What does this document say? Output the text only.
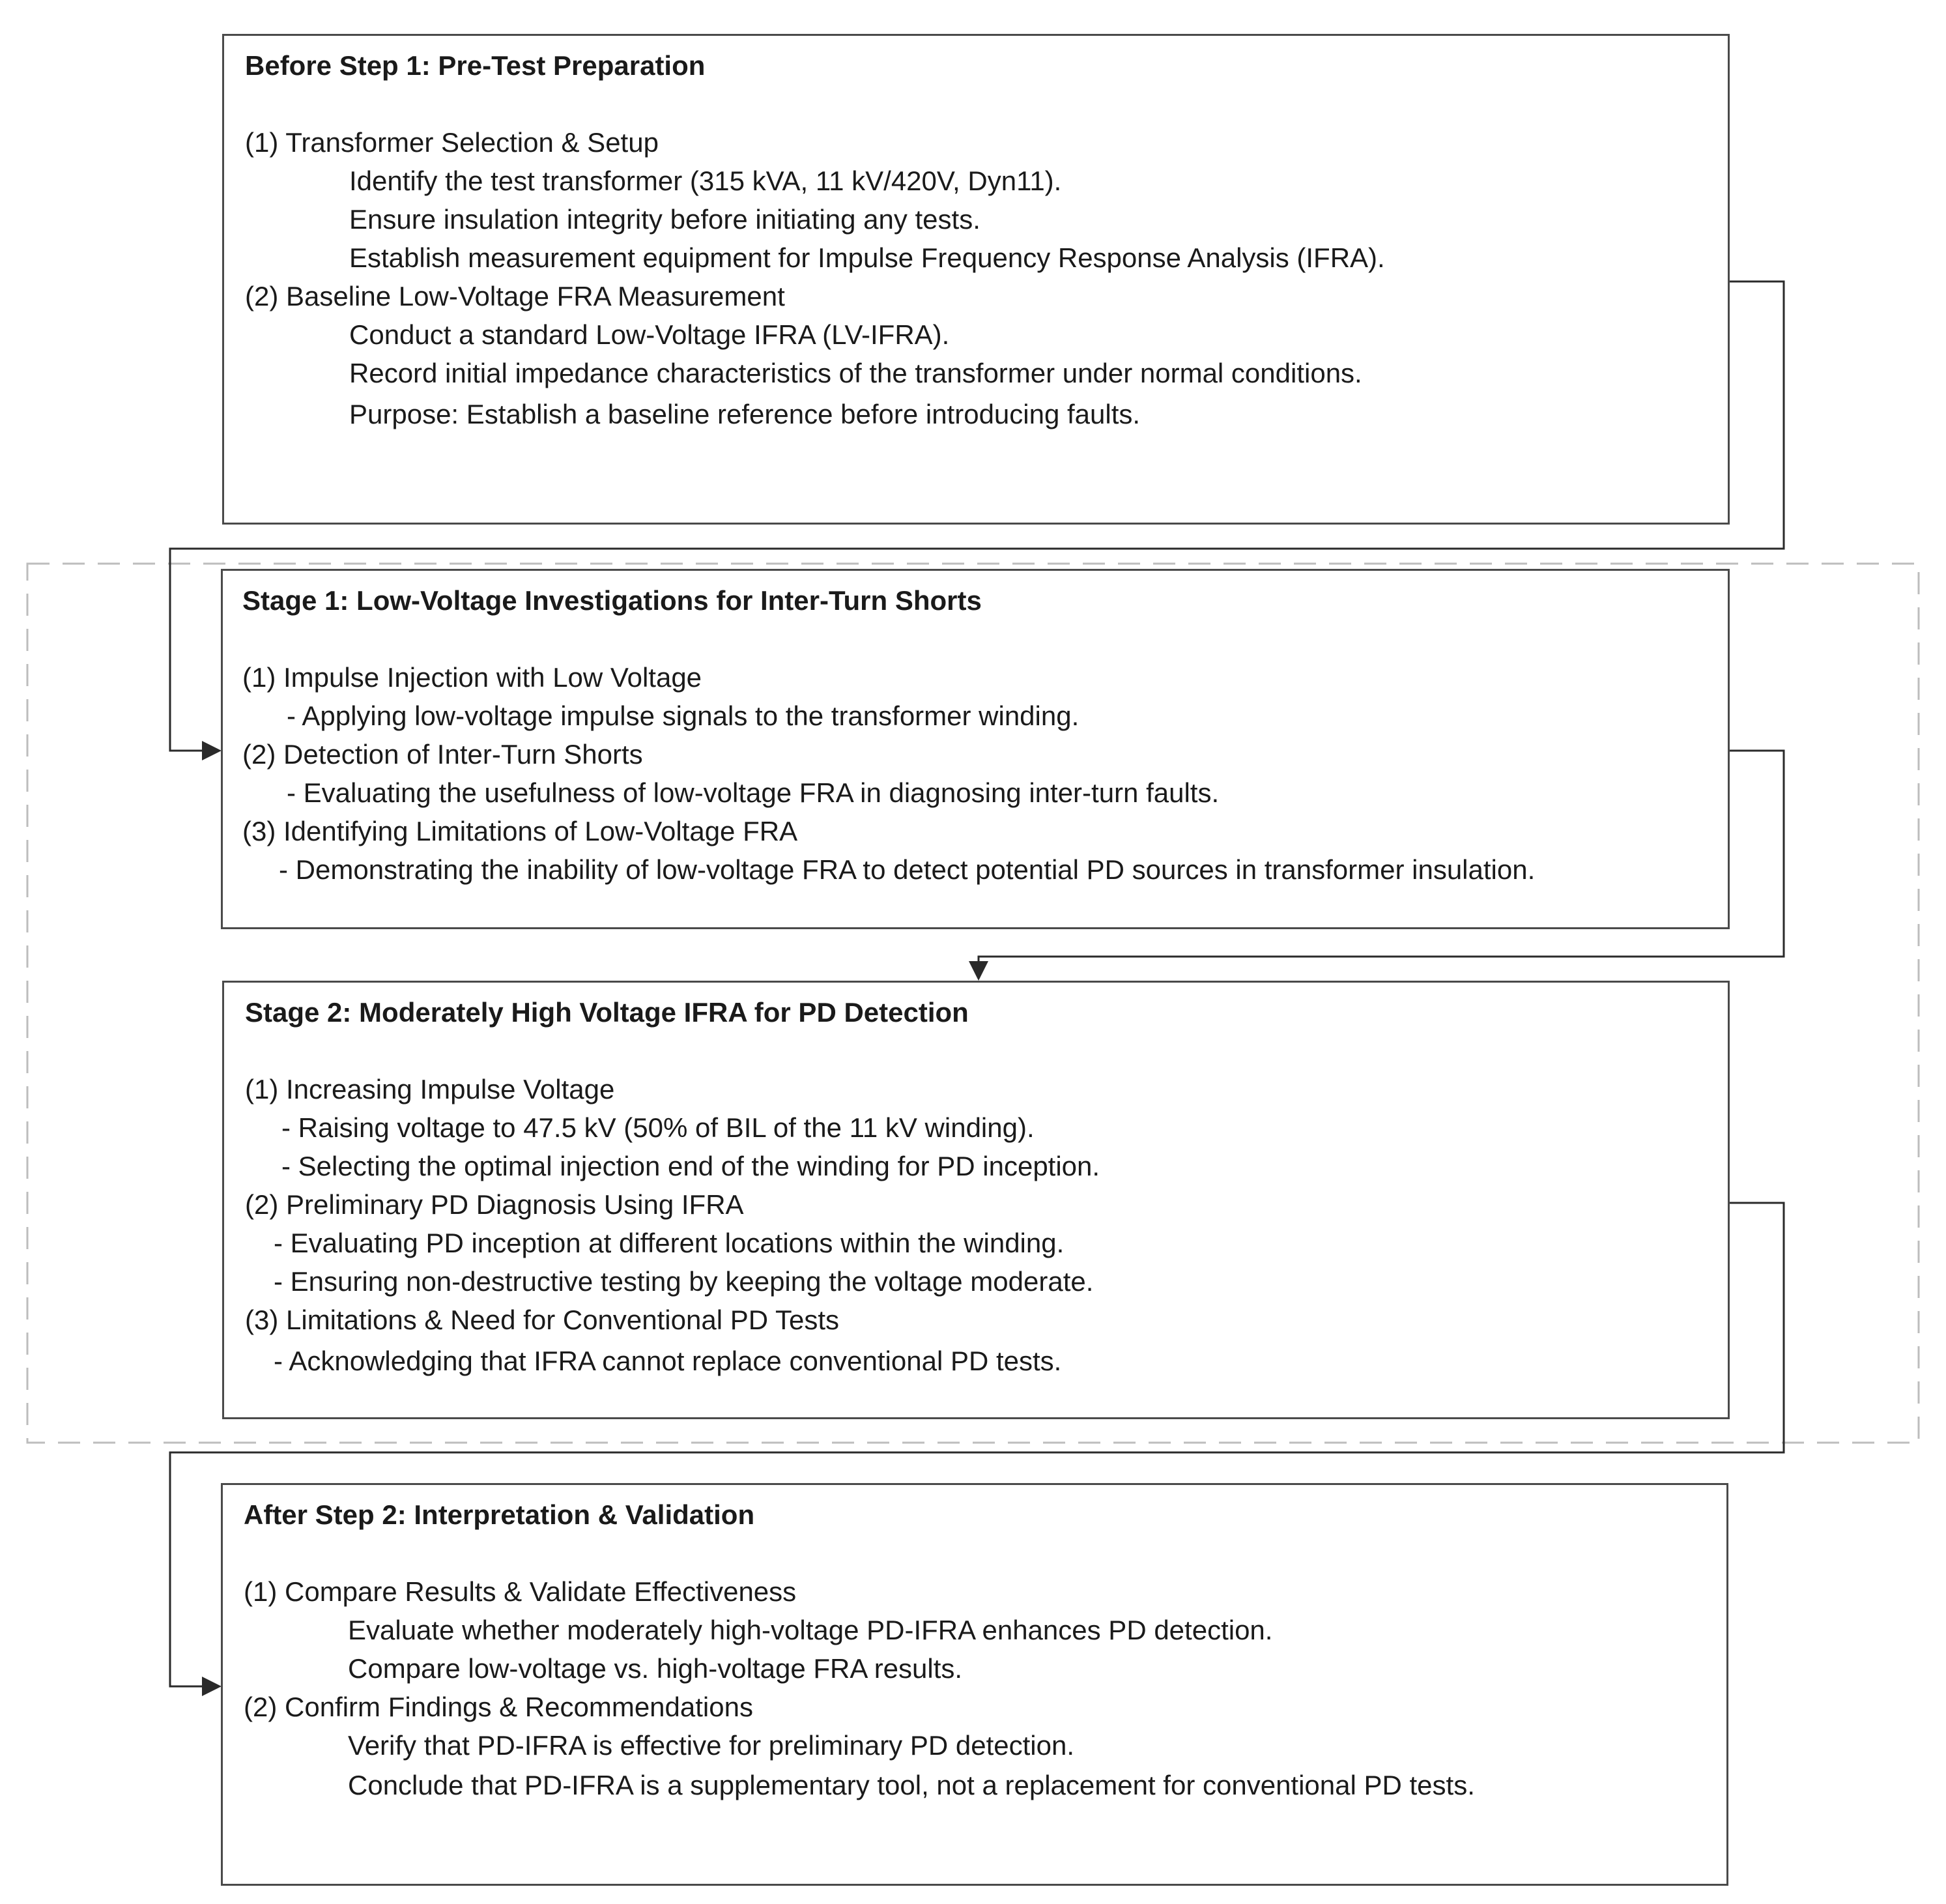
Before Step 1: Pre-Test Preparation
(1) Transformer Selection & Setup
Identify the test transformer (315 kVA, 11 kV/420V, Dyn11).
Ensure insulation integrity before initiating any tests.
Establish measurement equipment for Impulse Frequency Response Analysis (IFRA).
(2) Baseline Low-Voltage FRA Measurement
Conduct a standard Low-Voltage IFRA (LV-IFRA).
Record initial impedance characteristics of the transformer under normal conditions.
Purpose: Establish a baseline reference before introducing faults.
Stage 1: Low-Voltage Investigations for Inter-Turn Shorts
(1) Impulse Injection with Low Voltage
- Applying low-voltage impulse signals to the transformer winding.
(2) Detection of Inter-Turn Shorts
- Evaluating the usefulness of low-voltage FRA in diagnosing inter-turn faults.
(3) Identifying Limitations of Low-Voltage FRA
- Demonstrating the inability of low-voltage FRA to detect potential PD sources in transformer insulation.
Stage 2: Moderately High Voltage IFRA for PD Detection
(1) Increasing Impulse Voltage
- Raising voltage to 47.5 kV (50% of BIL of the 11 kV winding).
- Selecting the optimal injection end of the winding for PD inception.
(2) Preliminary PD Diagnosis Using IFRA
- Evaluating PD inception at different locations within the winding.
- Ensuring non-destructive testing by keeping the voltage moderate.
(3) Limitations & Need for Conventional PD Tests
- Acknowledging that IFRA cannot replace conventional PD tests.
After Step 2: Interpretation & Validation
(1) Compare Results & Validate Effectiveness
Evaluate whether moderately high-voltage PD-IFRA enhances PD detection.
Compare low-voltage vs. high-voltage FRA results.
(2) Confirm Findings & Recommendations
Verify that PD-IFRA is effective for preliminary PD detection.
Conclude that PD-IFRA is a supplementary tool, not a replacement for conventional PD tests.
